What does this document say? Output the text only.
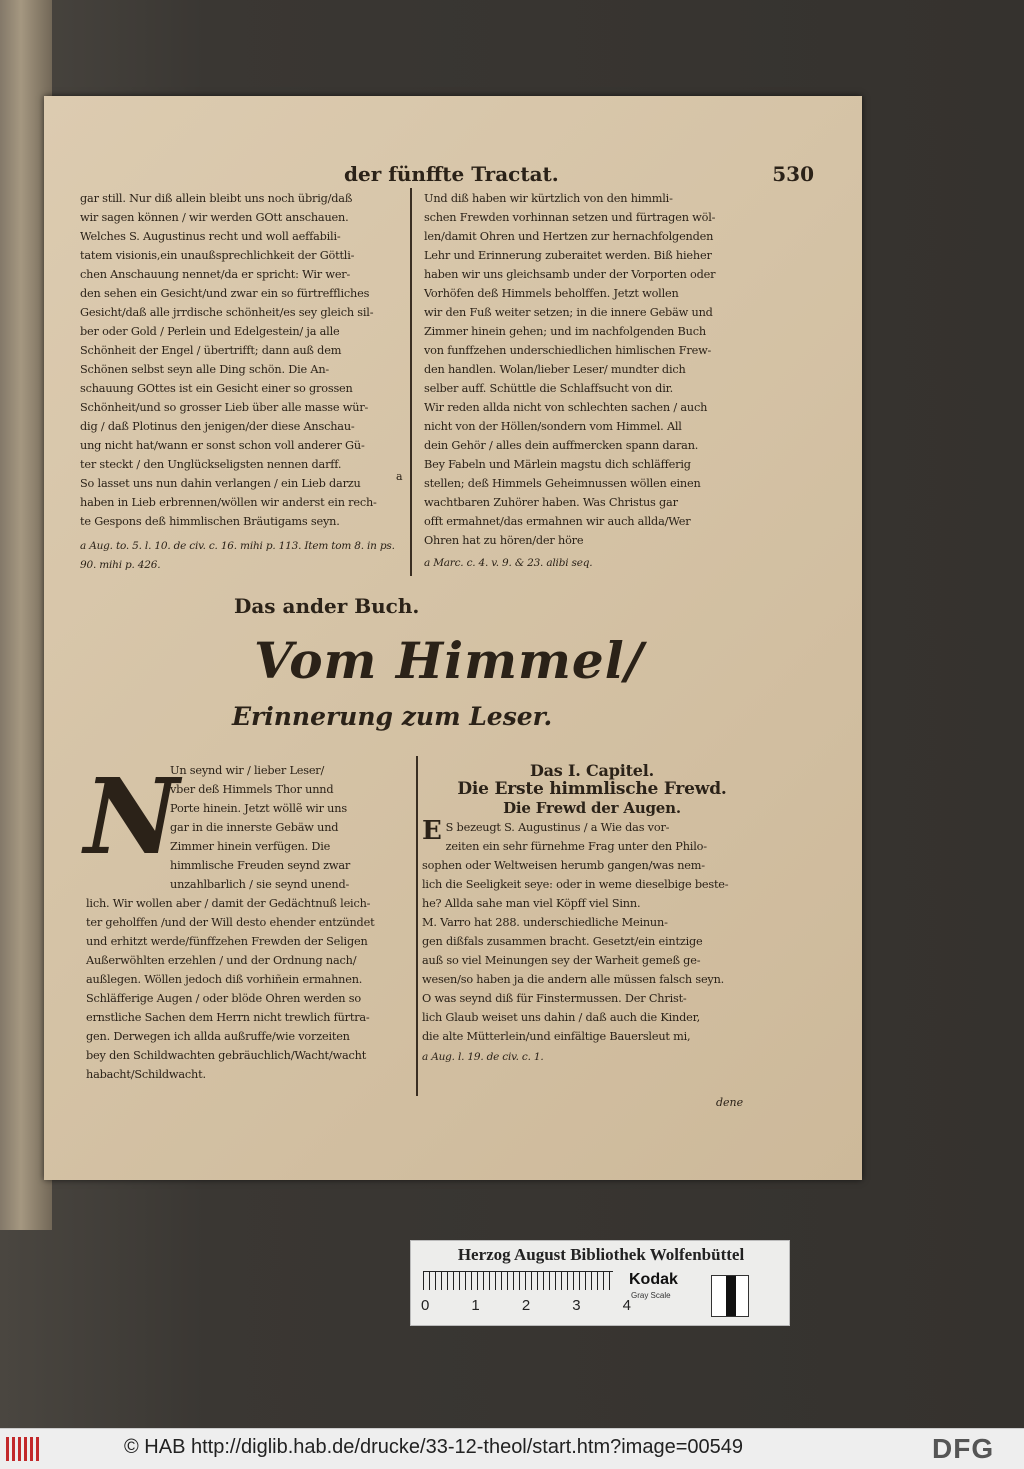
der fünffte Tractat.	530

gar still. Nur diß allein bleibt uns noch übrig/daß

wir sagen können / wir werden GOtt anschauen.

Welches S. Augustinus recht und woll aeffabili-

tatem visionis,ein unaußsprechlichkeit der Göttli-

chen Anschauung nennet/da er spricht: Wir wer-

den sehen ein Gesicht/und zwar ein so fürtreffliches

Gesicht/daß alle jrrdische schönheit/es sey gleich sil-

ber oder Gold / Perlein und Edelgestein/ ja alle

Schönheit der Engel / übertrifft; dann auß dem

Schönen selbst seyn alle Ding schön. Die An-

schauung GOttes ist ein Gesicht einer so grossen

Schönheit/und so grosser Lieb über alle masse wür-

dig / daß Plotinus den jenigen/der diese Anschau-

ung nicht hat/wann er sonst schon voll anderer Gü-

ter steckt / den Unglückseligsten nennen darff.

So lasset uns nun dahin verlangen / ein Lieb darzu

haben in Lieb erbrennen/wöllen wir anderst ein rech-

te Gespons deß himmlischen Bräutigams seyn.

a Aug. to. 5. l. 10. de civ. c. 16. mihi p. 113. Item tom 8. in ps. 90. mihi p. 426.

a

Und diß haben wir kürtzlich von den himmli-

schen Frewden vorhinnan setzen und fürtragen wöl-

len/damit Ohren und Hertzen zur hernachfolgenden

Lehr und Erinnerung zuberaitet werden. Biß hieher

haben wir uns gleichsamb under der Vorporten oder

Vorhöfen deß Himmels beholffen. Jetzt wollen

wir den Fuß weiter setzen; in die innere Gebäw und

Zimmer hinein gehen; und im nachfolgenden Buch

von funffzehen underschiedlichen himlischen Frew-

den handlen. Wolan/lieber Leser/ mundter dich

selber auff. Schüttle die Schlaffsucht von dir.

Wir reden allda nicht von schlechten sachen / auch

nicht von der Höllen/sondern vom Himmel. All

dein Gehör / alles dein auffmercken spann daran.

Bey Fabeln und Märlein magstu dich schläfferig

stellen; deß Himmels Geheimnussen wöllen einen

wachtbaren Zuhörer haben. Was Christus gar

offt ermahnet/das ermahnen wir auch allda/Wer

Ohren hat zu hören/der höre

a Marc. c. 4. v. 9. & 23. alibi seq.

Das ander Buch.
Vom Himmel/
Erinnerung zum Leser.
N

Un seynd wir / lieber Leser/

vber deß Himmels Thor unnd

Porte hinein. Jetzt wöllẽ wir uns

gar in die innerste Gebäw und

Zimmer hinein verfügen. Die

himmlische Freuden seynd zwar

unzahlbarlich / sie seynd unend-

lich. Wir wollen aber / damit der Gedächtnuß leich-

ter geholffen /und der Will desto ehender entzündet

und erhitzt werde/fünffzehen Frewden der Seligen

Außerwöhlten erzehlen / und der Ordnung nach/

außlegen. Wöllen jedoch diß vorhiñein ermahnen.

Schläfferige Augen / oder blöde Ohren werden so

ernstliche Sachen dem Herrn nicht trewlich fürtra-

gen. Derwegen ich allda außruffe/wie vorzeiten

bey den Schildwachten gebräuchlich/Wacht/wacht

habacht/Schildwacht.

Das I. Capitel.

Die Erste himmlische Frewd.

Die Frewd der Augen.

E S bezeugt S. Augustinus / a Wie das vor-

zeiten ein sehr fürnehme Frag unter den Philo-

sophen oder Weltweisen herumb gangen/was nem-

lich die Seeligkeit seye: oder in weme dieselbige beste-

he? Allda sahe man viel Köpff viel Sinn.

M. Varro hat 288. underschiedliche Meinun-

gen dißfals zusammen bracht. Gesetzt/ein eintzige

auß so viel Meinungen sey der Warheit gemeß ge-

wesen/so haben ja die andern alle müssen falsch seyn.

O was seynd diß für Finstermussen. Der Christ-

lich Glaub weiset uns dahin / daß auch die Kinder,

die alte Mütterlein/und einfältige Bauersleut mi,

a Aug. l. 19. de civ. c. 1.

dene
Herzog August Bibliothek Wolfenbüttel
0	1	2	3	4
Kodak
Gray Scale
© HAB http://diglib.hab.de/drucke/33-12-theol/start.htm?image=00549	DFG
